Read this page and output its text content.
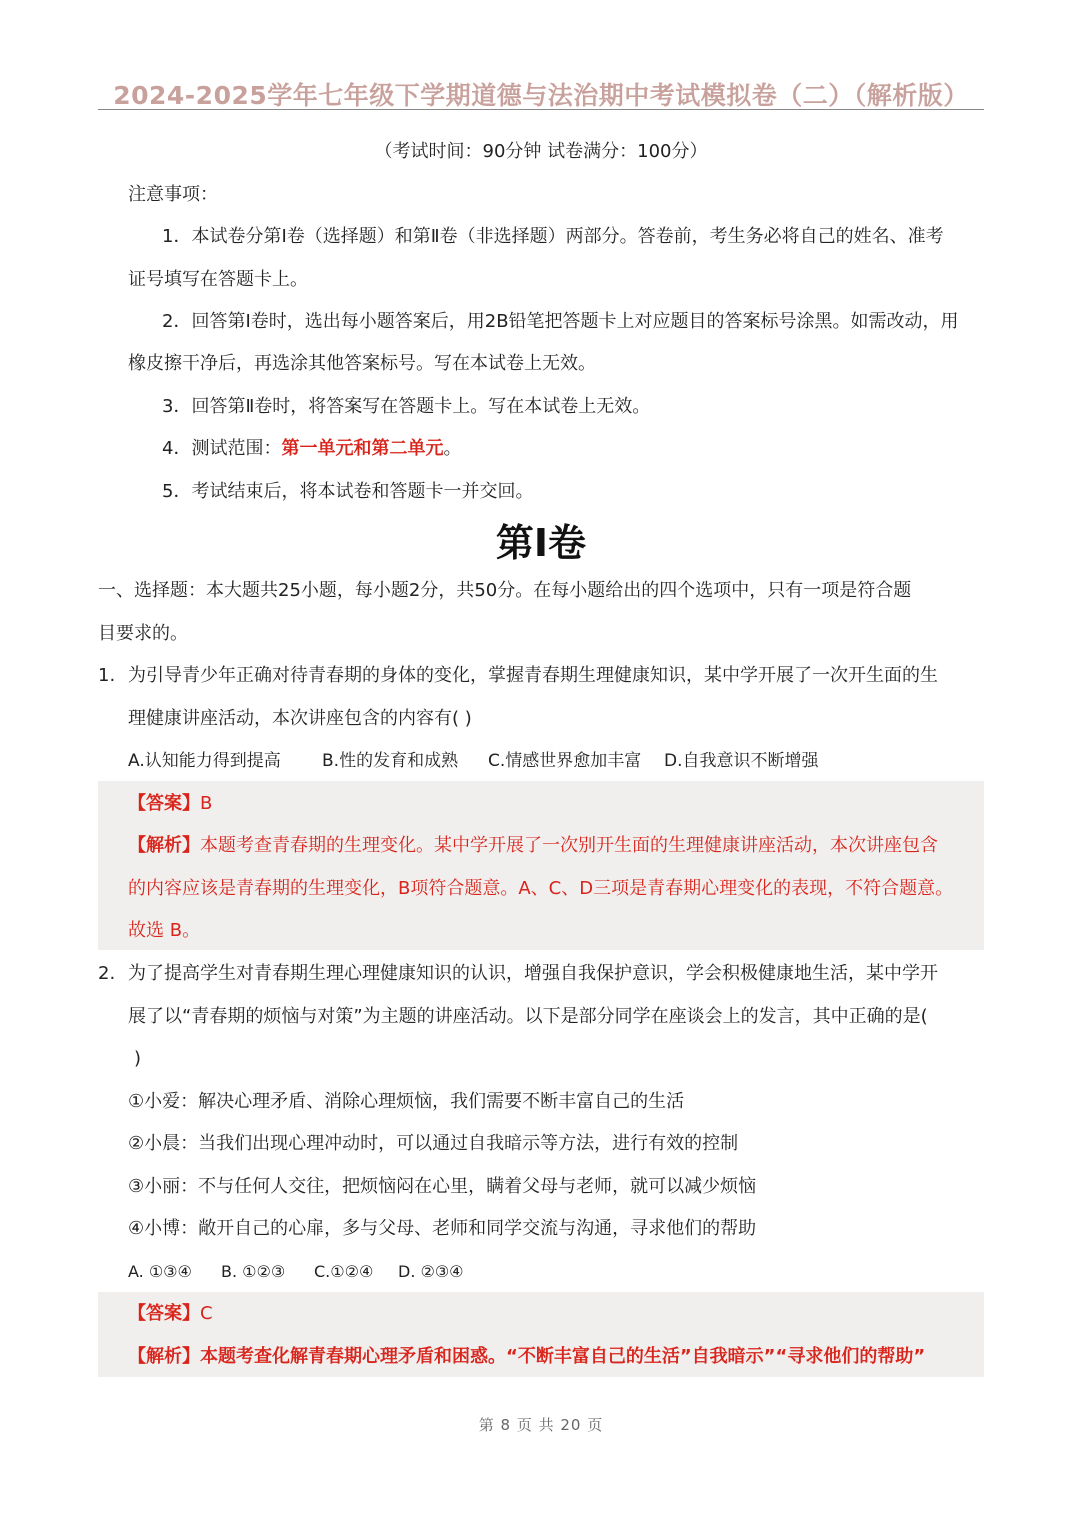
2024-2025学年七年级下学期道德与法治期中考试模拟卷（二）（解析版）
（考试时间：90分钟 试卷满分：100分）
注意事项：
1．本试卷分第Ⅰ卷（选择题）和第Ⅱ卷（非选择题）两部分。答卷前，考生务必将自己的姓名、准考
证号填写在答题卡上。
2．回答第Ⅰ卷时，选出每小题答案后，用2B铅笔把答题卡上对应题目的答案标号涂黑。如需改动，用
橡皮擦干净后，再选涂其他答案标号。写在本试卷上无效。
3．回答第Ⅱ卷时，将答案写在答题卡上。写在本试卷上无效。
4．测试范围：第一单元和第二单元。
5．考试结束后，将本试卷和答题卡一并交回。
第Ⅰ卷
一、选择题：本大题共25小题，每小题2分，共50分。在每小题给出的四个选项中，只有一项是符合题
目要求的。
1. 为引导青少年正确对待青春期的身体的变化，掌握青春期生理健康知识，某中学开展了一次开生面的生
理健康讲座活动，本次讲座包含的内容有( )
A.认知能力得到提高 B.性的发育和成熟 C.情感世界愈加丰富 D.自我意识不断增强
【答案】B
【解析】本题考查青春期的生理变化。某中学开展了一次别开生面的生理健康讲座活动，本次讲座包含
的内容应该是青春期的生理变化，B项符合题意。A、C、D三项是青春期心理变化的表现，不符合题意。
故选 B。
2. 为了提高学生对青春期生理心理健康知识的认识，增强自我保护意识，学会积极健康地生活，某中学开
展了以“青春期的烦恼与对策”为主题的讲座活动。以下是部分同学在座谈会上的发言，其中正确的是(
)
①小爱：解决心理矛盾、消除心理烦恼，我们需要不断丰富自己的生活
②小晨：当我们出现心理冲动时，可以通过自我暗示等方法，进行有效的控制
③小丽：不与任何人交往，把烦恼闷在心里，瞒着父母与老师，就可以减少烦恼
④小博：敞开自己的心扉，多与父母、老师和同学交流与沟通，寻求他们的帮助
A. ①③④ B. ①②③ C.①②④ D. ②③④
【答案】C
【解析】本题考查化解青春期心理矛盾和困惑。“不断丰富自己的生活”自我暗示”“寻求他们的帮助”
第 8 页 共 20 页
